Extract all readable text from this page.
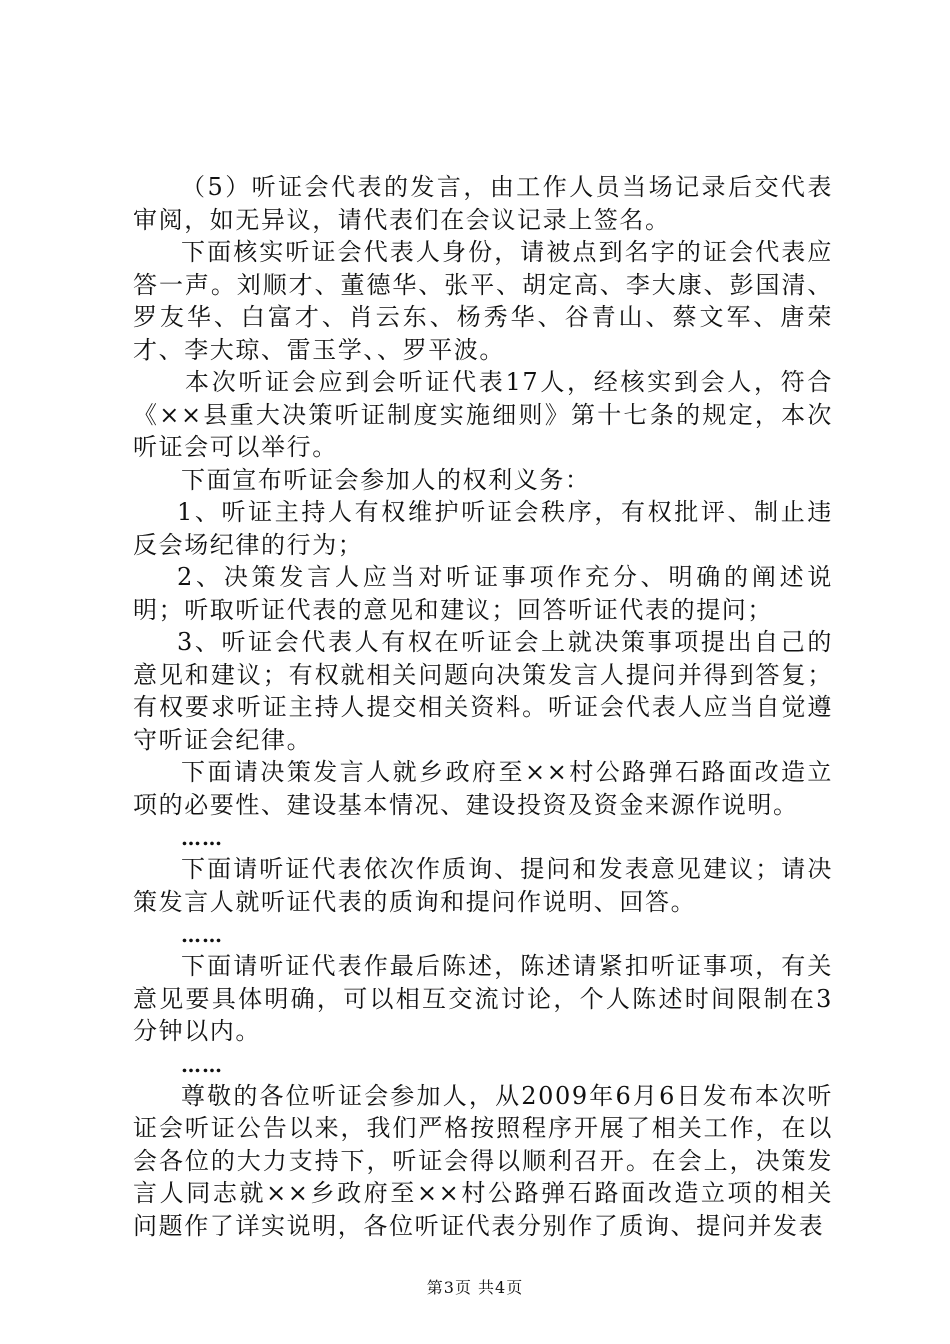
（5）听证会代表的发言，由工作人员当场记录后交代表审阅，如无异议，请代表们在会议记录上签名。

下面核实听证会代表人身份，请被点到名字的证会代表应答一声。刘顺才、董德华、张平、胡定高、李大康、彭国清、罗友华、白富才、肖云东、杨秀华、谷青山、蔡文军、唐荣才、李大琼、雷玉学、、罗平波。

本次听证会应到会听证代表17人，经核实到会人，符合《××县重大决策听证制度实施细则》第十七条的规定，本次听证会可以举行。

下面宣布听证会参加人的权利义务：

1、听证主持人有权维护听证会秩序，有权批评、制止违反会场纪律的行为；

2、决策发言人应当对听证事项作充分、明确的阐述说明；听取听证代表的意见和建议；回答听证代表的提问；

3、听证会代表人有权在听证会上就决策事项提出自己的意见和建议；有权就相关问题向决策发言人提问并得到答复；有权要求听证主持人提交相关资料。听证会代表人应当自觉遵守听证会纪律。

下面请决策发言人就乡政府至××村公路弹石路面改造立项的必要性、建设基本情况、建设投资及资金来源作说明。

……

下面请听证代表依次作质询、提问和发表意见建议；请决策发言人就听证代表的质询和提问作说明、回答。

……

下面请听证代表作最后陈述，陈述请紧扣听证事项，有关意见要具体明确，可以相互交流讨论，个人陈述时间限制在3分钟以内。

……

尊敬的各位听证会参加人，从2009年6月6日发布本次听证会听证公告以来，我们严格按照程序开展了相关工作，在以会各位的大力支持下，听证会得以顺利召开。在会上，决策发言人同志就××乡政府至××村公路弹石路面改造立项的相关问题作了详实说明，各位听证代表分别作了质询、提问并发表

第3页 共4页
